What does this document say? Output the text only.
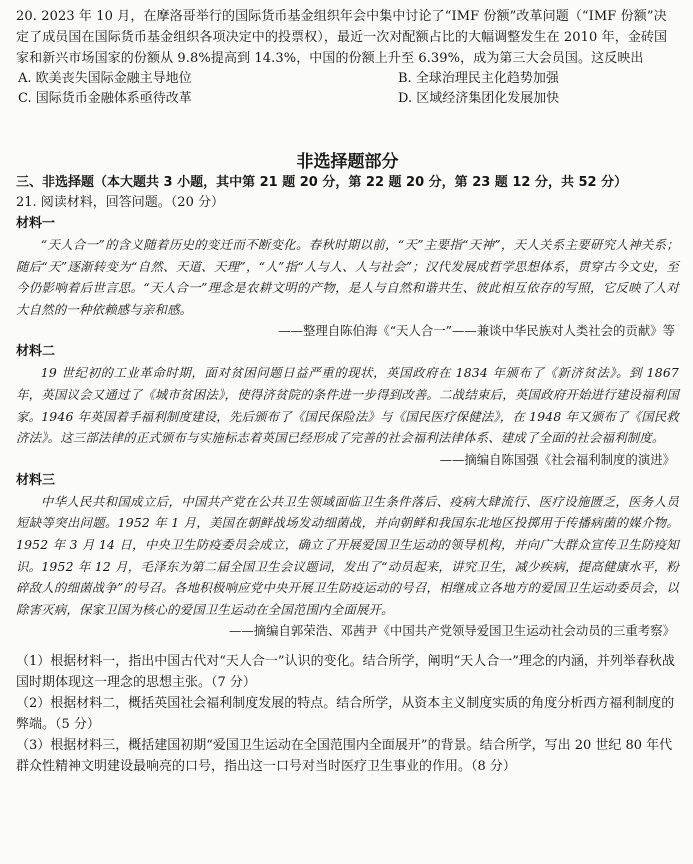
20. 2023 年 10 月，在摩洛哥举行的国际货币基金组织年会中集中讨论了“IMF 份额”改革问题（“IMF 份额”决定了成员国在国际货币基金组织各项决定中的投票权），最近一次对配额占比的大幅调整发生在 2010 年，金砖国家和新兴市场国家的份额从 9.8%提高到 14.3%，中国的份额上升至 6.39%，成为第三大会员国。这反映出

A. 欧美丧失国际金融主导地位	B. 全球治理民主化趋势加强
C. 国际货币金融体系亟待改革	D. 区域经济集团化发展加快
非选择题部分

三、非选择题（本大题共 3 小题，其中第 21 题 20 分，第 22 题 20 分，第 23 题 12 分，共 52 分）

21. 阅读材料，回答问题。（20 分）

材料一

“天人合一”的含义随着历史的变迁而不断变化。春秋时期以前，“天”主要指“天神”，天人关系主要研究人神关系；随后“天”逐渐转变为“自然、天道、天理”，“人”指“人与人、人与社会”；汉代发展成哲学思想体系，贯穿古今文史，至今仍影响着后世言思。“天人合一”理念是农耕文明的产物，是人与自然和谐共生、彼此相互依存的写照，它反映了人对大自然的一种依赖感与亲和感。

——整理自陈伯海《“天人合一”——兼谈中华民族对人类社会的贡献》等

材料二

19 世纪初的工业革命时期，面对贫困问题日益严重的现状，英国政府在 1834 年颁布了《新济贫法》。到 1867 年，英国议会又通过了《城市贫困法》，使得济贫院的条件进一步得到改善。二战结束后，英国政府开始进行建设福利国家。1946 年英国着手福利制度建设，先后颁布了《国民保险法》与《国民医疗保健法》，在 1948 年又颁布了《国民救济法》。这三部法律的正式颁布与实施标志着英国已经形成了完善的社会福利法律体系、建成了全面的社会福利制度。

——摘编自陈国强《社会福利制度的演进》

材料三

中华人民共和国成立后，中国共产党在公共卫生领域面临卫生条件落后、疫病大肆流行、医疗设施匮乏，医务人员短缺等突出问题。1952 年 1 月，美国在朝鲜战场发动细菌战，并向朝鲜和我国东北地区投掷用于传播病菌的媒介物。1952 年 3 月 14 日，中央卫生防疫委员会成立，确立了开展爱国卫生运动的领导机构，并向广大群众宣传卫生防疫知识。1952 年 12 月，毛泽东为第二届全国卫生会议题词，发出了“动员起来，讲究卫生，减少疾病，提高健康水平，粉碎敌人的细菌战争”的号召。各地积极响应党中央开展卫生防疫运动的号召，相继成立各地方的爱国卫生运动委员会，以除害灭病，保家卫国为核心的爱国卫生运动在全国范围内全面展开。

——摘编自郭荣浩、邓茜尹《中国共产党领导爱国卫生运动社会动员的三重考察》

（1）根据材料一，指出中国古代对“天人合一”认识的变化。结合所学，阐明“天人合一”理念的内涵，并列举春秋战国时期体现这一理念的思想主张。（7 分）

（2）根据材料二，概括英国社会福利制度发展的特点。结合所学，从资本主义制度实质的角度分析西方福利制度的弊端。（5 分）

（3）根据材料三，概括建国初期“爱国卫生运动在全国范围内全面展开”的背景。结合所学，写出 20 世纪 80 年代群众性精神文明建设最响亮的口号，指出这一口号对当时医疗卫生事业的作用。（8 分）
